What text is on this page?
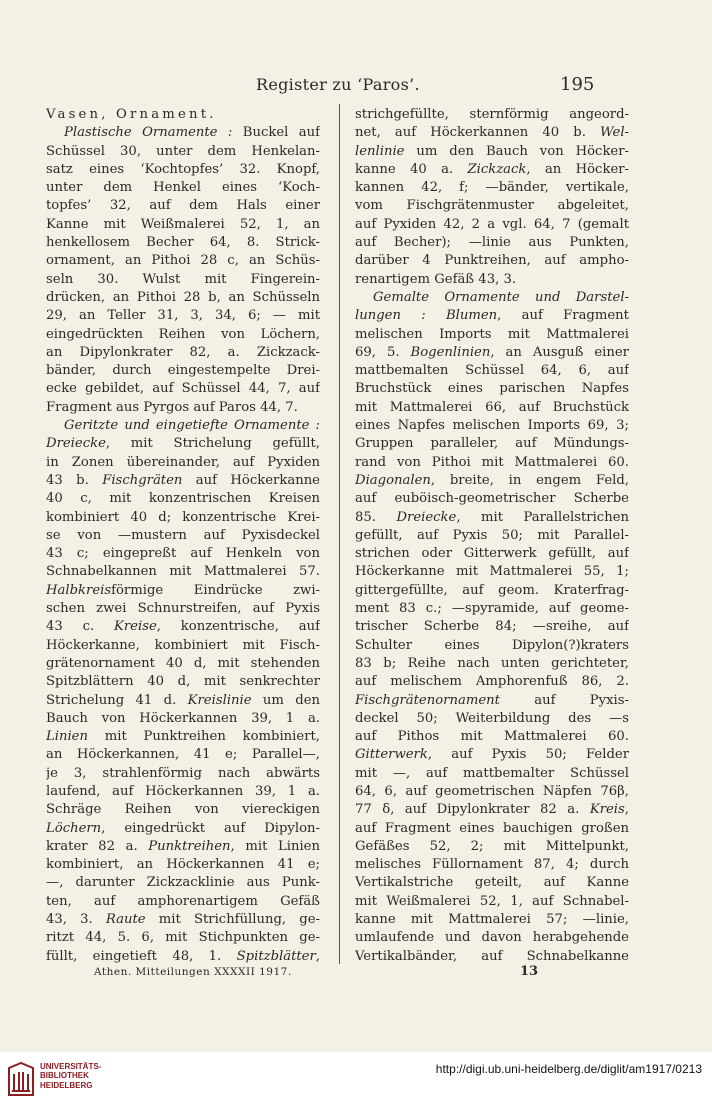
Register zu ‘Paros’.	195
Vasen, Ornament.
Plastische Ornamente : Buckel auf
Schüssel 30, unter dem Henkelan-
satz eines ‘Kochtopfes’ 32. Knopf,
unter dem Henkel eines ‘Koch-
topfes’ 32, auf dem Hals einer
Kanne mit Weißmalerei 52, 1, an
henkellosem Becher 64, 8. Strick-
ornament, an Pithoi 28 c, an Schüs-
seln 30. Wulst mit Fingerein-
drücken, an Pithoi 28 b, an Schüsseln
29, an Teller 31, 3, 34, 6; — mit
eingedrückten Reihen von Löchern,
an Dipylonkrater 82, a. Zickzack-
bänder, durch eingestempelte Drei-
ecke gebildet, auf Schüssel 44, 7, auf
Fragment aus Pyrgos auf Paros 44, 7.
Geritzte und eingetiefte Ornamente :
Dreiecke, mit Strichelung gefüllt,
in Zonen übereinander, auf Pyxiden
43 b. Fischgräten auf Höckerkanne
40 c, mit konzentrischen Kreisen
kombiniert 40 d; konzentrische Krei-
se von —mustern auf Pyxisdeckel
43 c; eingepreßt auf Henkeln von
Schnabelkannen mit Mattmalerei 57.
Halbkreisförmige Eindrücke zwi-
schen zwei Schnurstreifen, auf Pyxis
43 c. Kreise, konzentrische, auf
Höckerkanne, kombiniert mit Fisch-
grätenornament 40 d, mit stehenden
Spitzblättern 40 d, mit senkrechter
Strichelung 41 d. Kreislinie um den
Bauch von Höckerkannen 39, 1 a.
Linien mit Punktreihen kombiniert,
an Höckerkannen, 41 e; Parallel—,
je 3, strahlenförmig nach abwärts
laufend, auf Höckerkannen 39, 1 a.
Schräge Reihen von viereckigen
Löchern, eingedrückt auf Dipylon-
krater 82 a. Punktreihen, mit Linien
kombiniert, an Höckerkannen 41 e;
—, darunter Zickzacklinie aus Punk-
ten, auf amphorenartigem Gefäß
43, 3. Raute mit Strichfüllung, ge-
ritzt 44, 5. 6, mit Stichpunkten ge-
füllt, eingetieft 48, 1. Spitzblätter,
strichgefüllte, sternförmig angeord-
net, auf Höckerkannen 40 b. Wel-
lenlinie um den Bauch von Höcker-
kanne 40 a. Zickzack, an Höcker-
kannen 42, f; —bänder, vertikale,
vom Fischgrätenmuster abgeleitet,
auf Pyxiden 42, 2 a vgl. 64, 7 (gemalt
auf Becher); —linie aus Punkten,
darüber 4 Punktreihen, auf ampho-
renartigem Gefäß 43, 3.
Gemalte Ornamente und Darstel-
lungen : Blumen, auf Fragment
melischen Imports mit Mattmalerei
69, 5. Bogenlinien, an Ausguß einer
mattbemalten Schüssel 64, 6, auf
Bruchstück eines parischen Napfes
mit Mattmalerei 66, auf Bruchstück
eines Napfes melischen Imports 69, 3;
Gruppen paralleler, auf Mündungs-
rand von Pithoi mit Mattmalerei 60.
Diagonalen, breite, in engem Feld,
auf euböisch-geometrischer Scherbe
85. Dreiecke, mit Parallelstrichen
gefüllt, auf Pyxis 50; mit Parallel-
strichen oder Gitterwerk gefüllt, auf
Höckerkanne mit Mattmalerei 55, 1;
gittergefüllte, auf geom. Kraterfrag-
ment 83 c.; —spyramide, auf geome-
trischer Scherbe 84; —sreihe, auf
Schulter eines Dipylon(?)kraters
83 b; Reihe nach unten gerichteter,
auf melischem Amphorenfuß 86, 2.
Fischgrätenornament auf Pyxis-
deckel 50; Weiterbildung des —s
auf Pithos mit Mattmalerei 60.
Gitterwerk, auf Pyxis 50; Felder
mit —, auf mattbemalter Schüssel
64, 6, auf geometrischen Näpfen 76β,
77 δ, auf Dipylonkrater 82 a. Kreis,
auf Fragment eines bauchigen großen
Gefäßes 52, 2; mit Mittelpunkt,
melisches Füllornament 87, 4; durch
Vertikalstriche geteilt, auf Kanne
mit Weißmalerei 52, 1, auf Schnabel-
kanne mit Mattmalerei 57; —linie,
umlaufende und davon herabgehende
Vertikalbänder, auf Schnabelkanne
Athen. Mitteilungen XXXXII 1917.	13
UNIVERSITÄTS-
BIBLIOTHEK
HEIDELBERG
http://digi.ub.uni-heidelberg.de/diglit/am1917/0213
